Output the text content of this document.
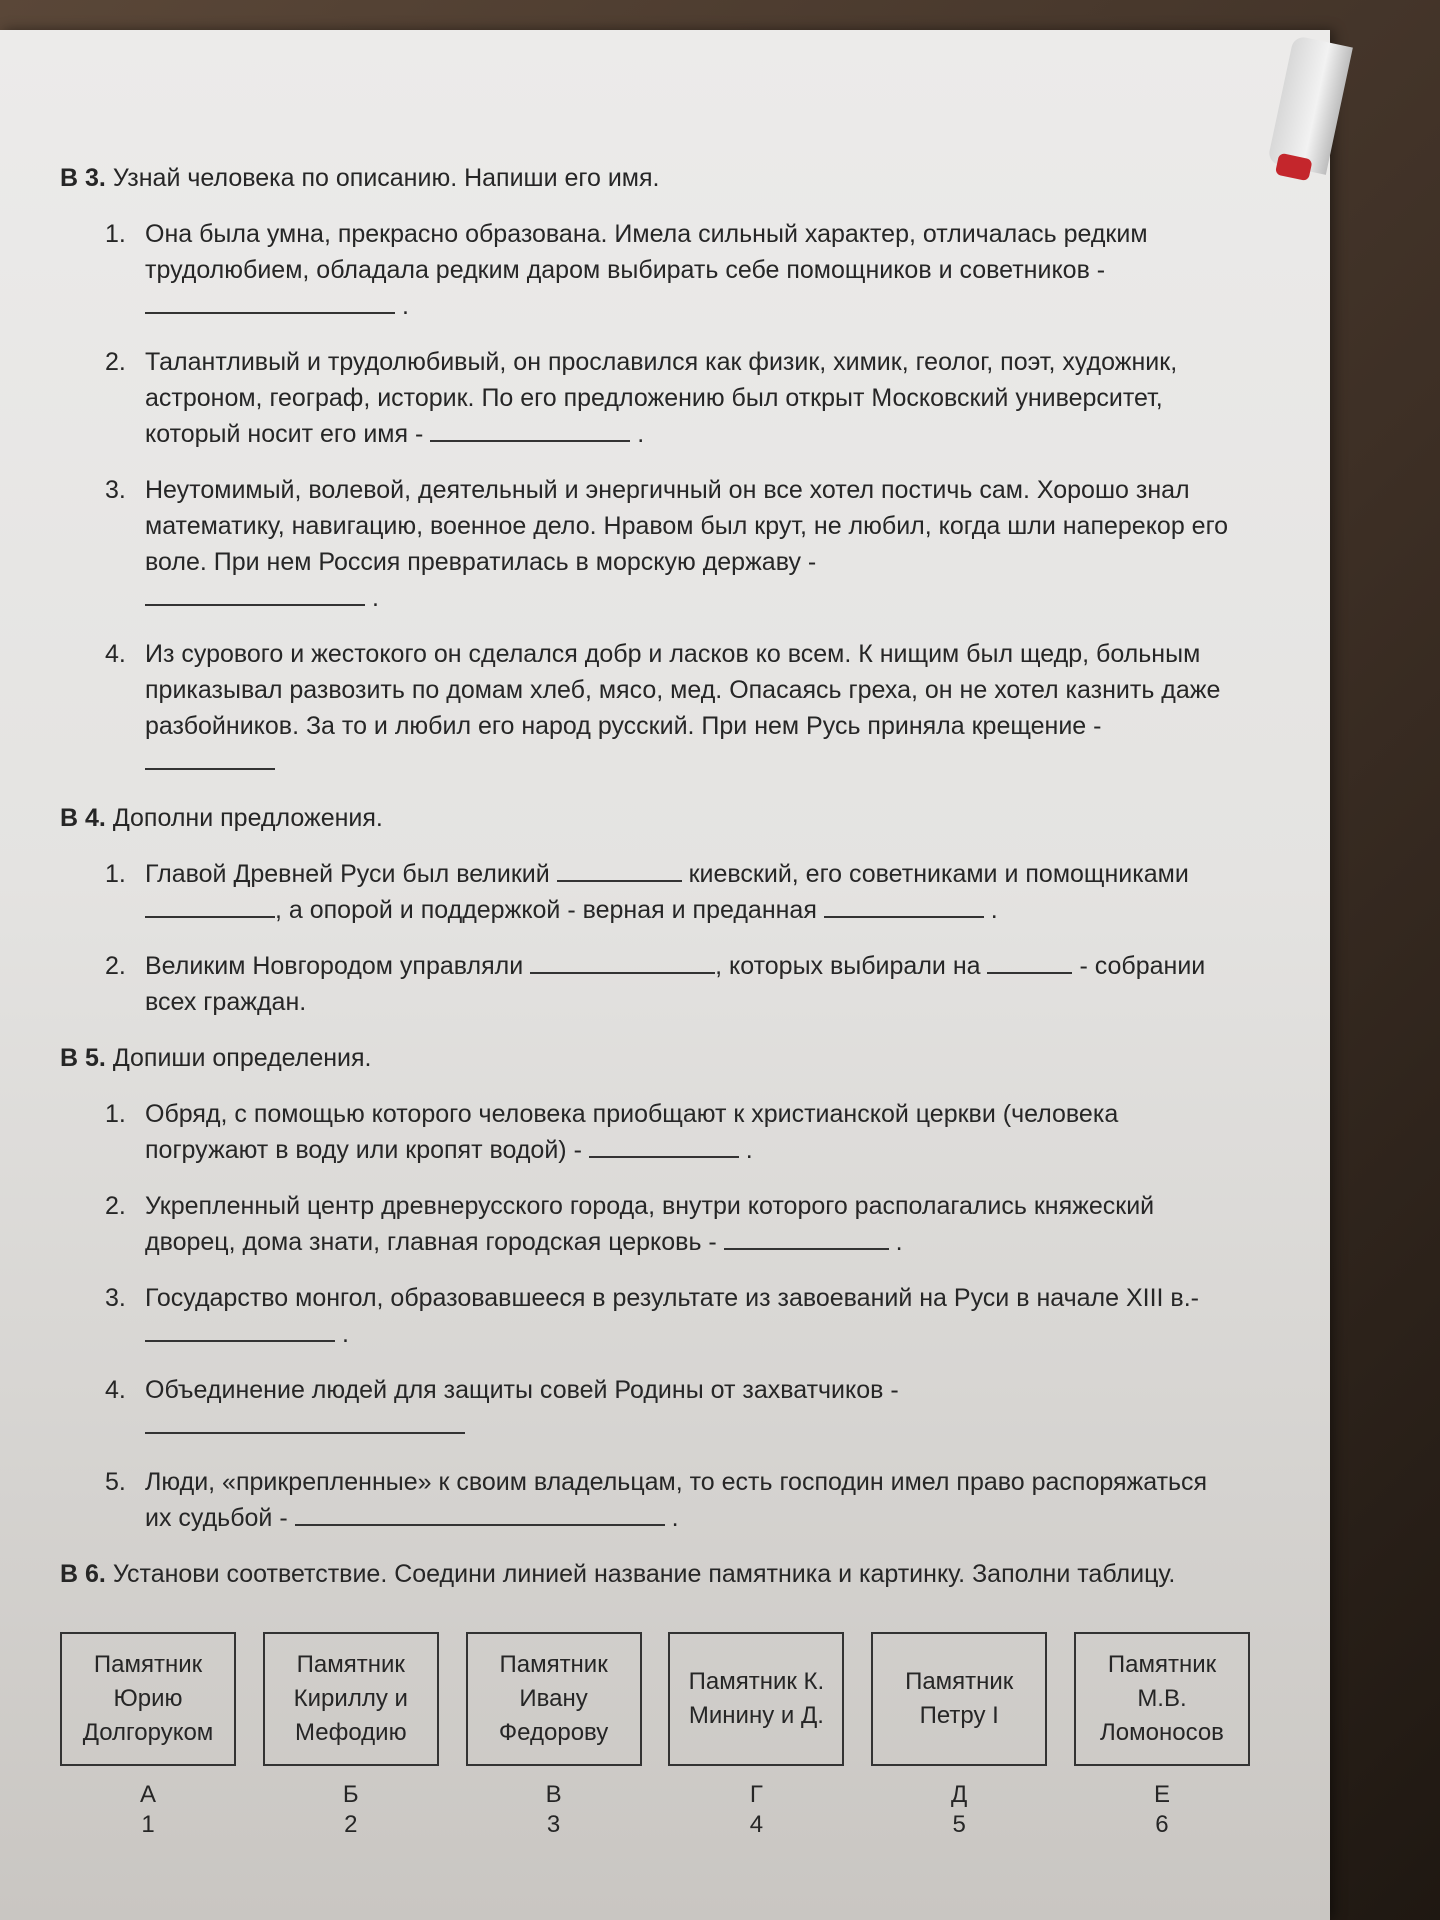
В 3. Узнай человека по описанию. Напиши его имя.

1. Она была умна, прекрасно образована. Имела сильный характер, отличалась редким трудолюбием, обладала редким даром выбирать себе помощников и советников -
.
2. Талантливый и трудолюбивый, он прославился как физик, химик, геолог, поэт, художник, астроном, географ, историк. По его предложению был открыт Московский университет, который носит его имя -	.
3. Неутомимый, волевой, деятельный и энергичный он все хотел постичь сам. Хорошо знал математику, навигацию, военное дело. Нравом был крут, не любил, когда шли наперекор его воле. При нем Россия превратилась в морскую державу -
.
4. Из сурового и жестокого он сделался добр и ласков ко всем. К нищим был щедр, больным приказывал развозить по домам хлеб, мясо, мед. Опасаясь греха, он не хотел казнить даже разбойников. За то и любил его народ русский. При нем Русь приняла крещение -

В 4. Дополни предложения.

1. Главой Древней Руси был великий	киевский, его советниками и помощниками , а опорой и поддержкой - верная и преданная	.
2. Великим Новгородом управляли	, которых выбирали на	- собрании всех граждан.

В 5. Допиши определения.

1. Обряд, с помощью которого человека приобщают к христианской церкви (человека погружают в воду или кропят водой) -	.
2. Укрепленный центр древнерусского города, внутри которого располагались княжеский дворец, дома знати, главная городская церковь -	.
3. Государство монгол, образовавшееся в результате из завоеваний на Руси в начале XIII в.-  .
4. Объединение людей для защиты совей Родины от захватчиков -
5. Люди, «прикрепленные» к своим владельцам, то есть господин имел право распоряжаться их судьбой -	.

В 6. Установи соответствие. Соедини линией название памятника и картинку. Заполни таблицу.

Памятник Юрию Долгоруком
А
1
Памятник Кириллу и Мефодию
Б
2
Памятник Ивану Федорову
В
3
Памятник К. Минину и Д.
Г
4
Памятник Петру I
Д
5
Памятник М.В. Ломоносов
Е
6
